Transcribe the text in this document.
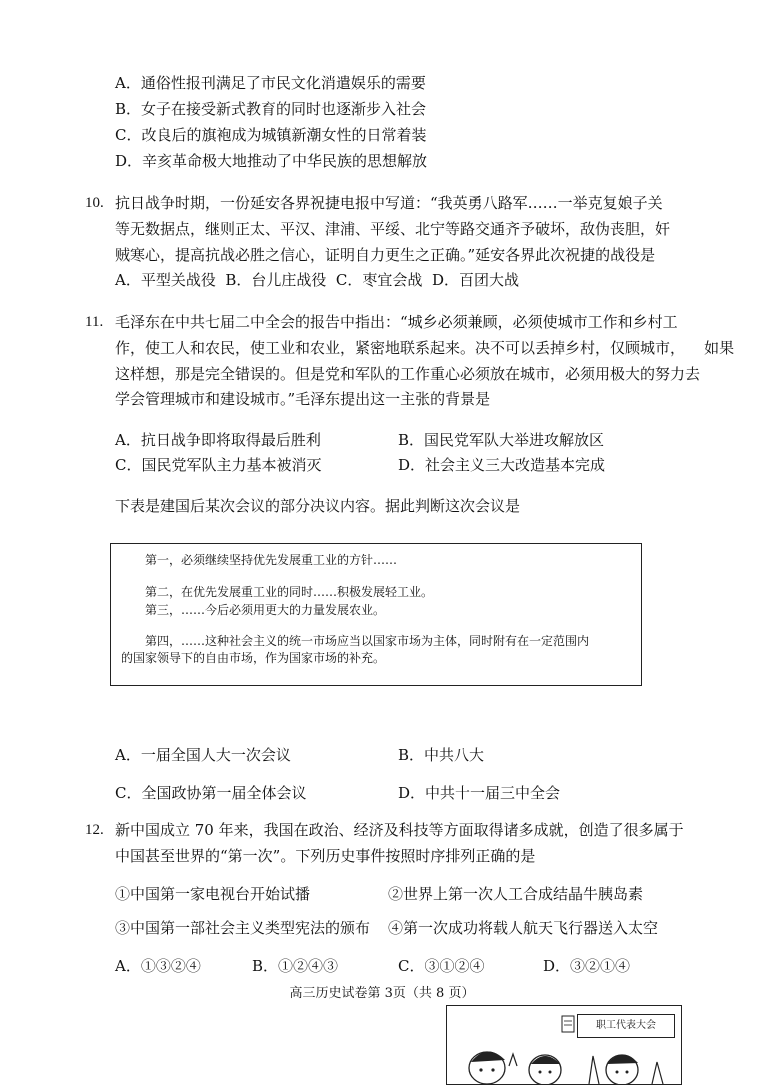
A．通俗性报刊满足了市民文化消遣娱乐的需要
B．女子在接受新式教育的同时也逐渐步入社会
C．改良后的旗袍成为城镇新潮女性的日常着装
D．辛亥革命极大地推动了中华民族的思想解放
10. 抗日战争时期，一份延安各界祝捷电报中写道：“我英勇八路军……一举克复娘子关
等无数据点，继则正太、平汉、津浦、平绥、北宁等路交通齐予破坏，敌伪丧胆，奸
贼寒心，提高抗战必胜之信心，证明自力更生之正确。”延安各界此次祝捷的战役是
A．平型关战役  B．台儿庄战役  C．枣宜会战  D．百团大战
11. 毛泽东在中共七届二中全会的报告中指出：“城乡必须兼顾，必须使城市工作和乡村工
作，使工人和农民，使工业和农业，紧密地联系起来。决不可以丢掉乡村，仅顾城市，    如果
这样想，那是完全错误的。但是党和军队的工作重心必须放在城市，必须用极大的努力去
学会管理城市和建设城市。”毛泽东提出这一主张的背景是
A．抗日战争即将取得最后胜利	B．国民党军队大举进攻解放区
C．国民党军队主力基本被消灭	D．社会主义三大改造基本完成
下表是建国后某次会议的部分决议内容。据此判断这次会议是
第一，必须继续坚持优先发展重工业的方针……
第二，在优先发展重工业的同时……积极发展轻工业。
第三，……今后必须用更大的力量发展农业。
第四，……这种社会主义的统一市场应当以国家市场为主体，同时附有在一定范围内
的国家领导下的自由市场，作为国家市场的补充。
A．一届全国人大一次会议	B．中共八大
C．全国政协第一届全体会议	D．中共十一届三中全会
12. 新中国成立 70 年来，我国在政治、经济及科技等方面取得诸多成就，创造了很多属于
中国甚至世界的“第一次”。下列历史事件按照时序排列正确的是
①中国第一家电视台开始试播	②世界上第一次人工合成结晶牛胰岛素
③中国第一部社会主义类型宪法的颁布 ④第一次成功将载人航天飞行器送入太空
A．①③②④	B．①②④③	C．③①②④	D．③②①④
高三历史试卷第 3页（共 8 页）
职工代表大会
